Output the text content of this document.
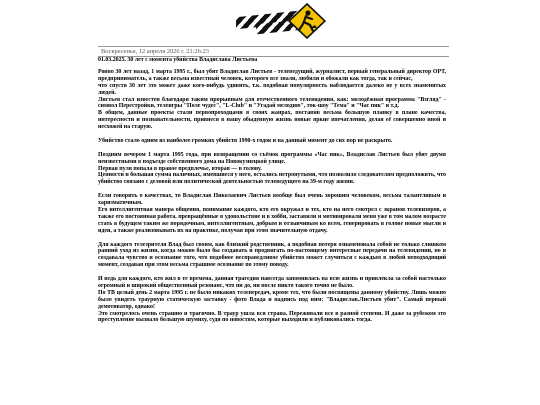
Воскресенье, 12 апреля 2026 г. 21:26:23

01.03.2025. 30 лет с момента убийства Владислава Листьева

Ровно 30 лет назад, 1 марта 1995 г., был убит Владислав Листьев - телеведущий, журналист, первый генеральный директор ОРТ, предприниматель, а также весьма известный человек, которого все знали, любили и обожали как тогда, так и сейчас,

что спустя 30 лет это может даже кого-нибудь удивить, т.к. подобная популярность наблюдается далеко не у всех знаменитых людей.

Листьев стал известен благодаря таким прорывным для отечественного телевидения, как: молодёжная программа "Взгляд" - символ Перестройки, телеигры "Поле чудес", "L-Club" и "Угадай мелодию", ток-шоу "Тема" и "Час пик" и т.д.

В общем, данные проекты стали первопроходцами в своих жанрах, поставив весьма большую планку в плане качества, интересности и познавательности, привнеся в нашу обыденную жизнь новые яркие впечатления, делая её совершенно иной и несхожей на старую.

Убийство стало одним из наиболее громких убийств 1990-х годов и на данный момент до сих пор не раскрыто.

Поздним вечером 1 марта 1995 года, при возвращении со съёмок программы «Час пик», Владислав Листьев был убит двумя неизвестными в подъезде собственного дома на Новокузнецкой улице.

Первая пуля попала в правое предплечье, вторая — в голову.

Ценности и большая сумма наличных, имевшиеся у него, остались нетронутыми, что позволило следователям предположить, что убийство связано с деловой или политической деятельностью телеведущего на 39-м году жизни.

Если говорить о качествах, то Владислав Николаевич Листьев вообще был очень хорошим человеком, весьма талантливым и харизматичным.

Его интеллигентная манера общения, понимание каждого, кто его окружал и тех, кто на него смотрел с экранов телевизоров, а также его постоянная работа, превращённые в удовольствие и в хобби, заставили и мотивировали меня уже в том малом возрасте стать в будущем таким же порядочным, интеллигентным, добрым и отзывчивым ко всем, генерировать в голове новые мысли и идеи, а также реализовывать их на практике, получая при этом значительную отдачу.

Для каждого телезрителя Влад был своим, как близкий родственник, а подобная потеря ознаменовала собой не только слишком ранний уход из жизни, когда можно было бы создавать и продвигать по-настоящему интересные передачи на телевидении, но и создавала чувство и осознание того, что подобное несправедливое убийство может случиться с каждым в любой неподходящий момент, создавая при этом весьма страшное осознание по этому поводу.

И ведь для каждого, кто жил в те времена, данная трагедия навсегда запомнилась на всю жизнь и привлекла за собой настолько огромный и широкий общественный резонанс, что ни до, ни после никто такого точно не было.

По ТВ целый день 2 марта 1995 г. не было никаких телепередач, кроме тех, что были посвящены данному убийству. Лишь можно было увидеть траурную статическую заставку - фото Влада и надпись под ним: "Владислав.Листьев убит". Самый первый демотиватор, однако!

Это смотрелось очень страшно и трагично. В траур ушла вся страна. Переживали все в разной степени. И даже за рубежом это преступление вызвало большую шумиху, судя по новостям, которые выходили и публиковались тогда.
